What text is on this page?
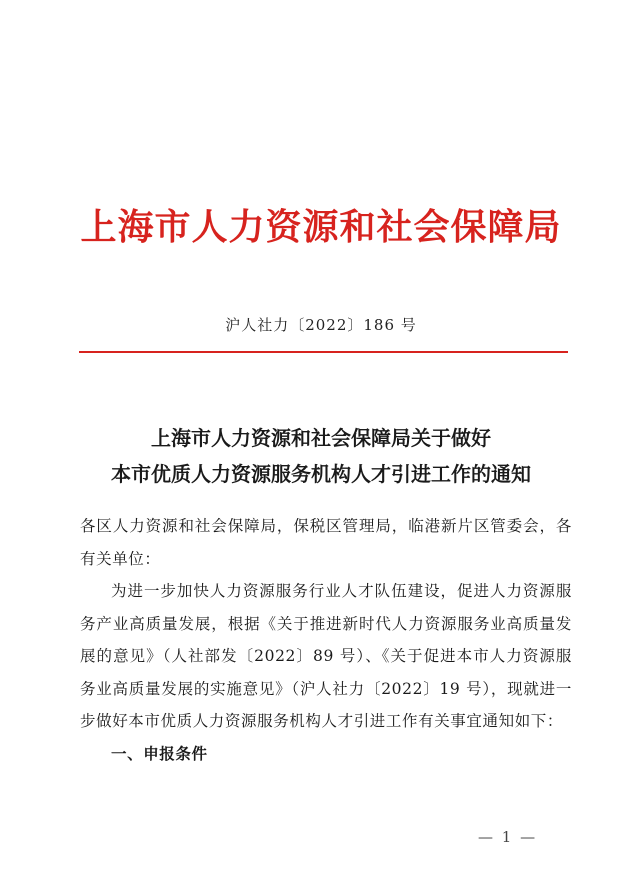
上海市人力资源和社会保障局
沪人社力〔2022〕186 号
上海市人力资源和社会保障局关于做好
本市优质人力资源服务机构人才引进工作的通知

各区人力资源和社会保障局，保税区管理局，临港新片区管委会，各有关单位：

为进一步加快人力资源服务行业人才队伍建设，促进人力资源服务产业高质量发展，根据《关于推进新时代人力资源服务业高质量发展的意见》（人社部发〔2022〕89 号）、《关于促进本市人力资源服务业高质量发展的实施意见》（沪人社力〔2022〕19 号），现就进一步做好本市优质人力资源服务机构人才引进工作有关事宜通知如下：

一、申报条件

— 1 —
